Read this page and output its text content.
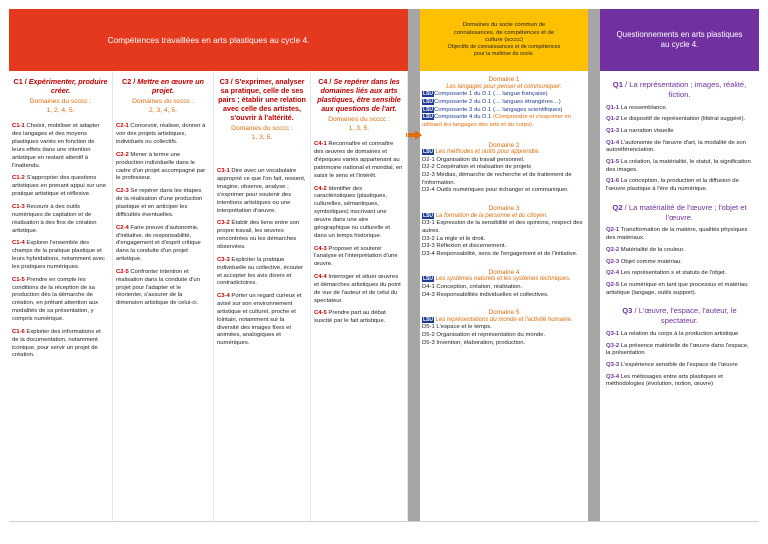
Compétences travaillées en arts plastiques au cycle 4.
Domaines du socle commun de
connaissances, de compétences et de
culture (scccc)
Objectifs de connaissances et de compétences
pour la maîtrise du socle.
Questionnements en arts plastiques au cycle 4.
C1 / Expérimenter, produire créer.
Domaines du scccc :
1, 2, 4, 5.
C1-1 Choisir, mobiliser et adapter des langages et des moyens plastiques variés en fonction de leurs effets dans une intention artistique en restant attentif à l'inattendu.
C1-2 S'approprier des questions artistiques en prenant appui sur une pratique artistique et réflexive.
C1-3 Recourir à des outils numériques de captation et de réalisation à des fins de création artistique.
C1-4 Explorer l'ensemble des champs de la pratique plastique et leurs hybridations, notamment avec les pratiques numériques.
C1-5 Prendre en compte les conditions de la réception de sa production dès la démarche de création, en prêtant attention aux modalités de sa présentation, y compris numérique.
C1-6 Exploiter des informations et de la documentation, notamment iconique, pour servir un projet de création.
C2 / Mettre en œuvre un projet.
Domaines du scccc :
2, 3, 4, 5.
C2-1 Concevoir, réaliser, donner à voir des projets artistiques, individuels ou collectifs.
C2-2 Mener à terme une production individuelle dans le cadre d'un projet accompagné par le professeur.
C2-3 Se repérer dans les étapes de la réalisation d'une production plastique et en anticiper les difficultés éventuelles.
C2-4 Faire preuve d'autonomie, d'initiative, de responsabilité, d'engagement et d'esprit critique dans la conduite d'un projet artistique.
C2-5 Confronter intention et réalisation dans la conduite d'un projet pour l'adapter et le réorienter, s'assurer de la dimension artistique de celui-ci.
C3 / S'exprimer, analyser sa pratique, celle de ses pairs ; établir une relation avec celle des artistes, s'ouvrir à l'altérité.
Domaines du scccc :
1, 3, 5.
C3-1 Dire avec un vocabulaire approprié ce que l'on fait, ressent, imagine, observe, analyse ; s'exprimer pour soutenir des intentions artistiques ou une interprétation d'œuvre.
C3-2 Établir des liens entre son propre travail, les œuvres rencontrées ou les démarches observées.
C3-3 Expliciter la pratique individuelle ou collective, écouter et accepter les avis divers et contradictoires.
C3-4 Porter un regard curieux et avisé sur son environnement artistique et culturel, proche et lointain, notamment sur la diversité des images fixes et animées, analogiques et numériques.
C4 / Se repérer dans les domaines liés aux arts plastiques, être sensible aux questions de l'art.
Domaines du scccc :
1, 3, 5.
C4-1 Reconnaître et connaître des œuvres de domaines et d'époques variés appartenant au patrimoine national et mondial, en saisir le sens et l'intérêt.
C4-2 Identifier des caractéristiques (plastiques, culturelles, sémantiques, symboliques) inscrivant une œuvre dans une aire géographique ou culturelle et dans un temps historique.
C4-3 Proposer et soutenir l'analyse et l'interprétation d'une œuvre.
C4-4 Interroger et situer œuvres et démarches artistiques du point de vue de l'auteur et de celui du spectateur.
C4-5 Prendre part au débat suscité par le fait artistique.
Domaine 1
Les langages pour penser et communiquer.
LSUComposante 1 du D.1 (… langue française)
LSUComposante 2 du D.1 (… langues étrangères…)
LSUComposante 3 du D.1 (… langages scientifiques)
LSUComposante 4 du D.1 (Comprendre et s'exprimer en utilisant les langages des arts et du corps).
Domaine 2
LSU Les méthodes et outils pour apprendre.
D2-1 Organisation du travail personnel.
D2-2 Coopération et réalisation de projets
D2-3 Médias, démarche de recherche et de traitement de l'information.
D2-4 Outils numériques pour échanger et communiquer.
Domaine 3
LSU La formation de la personne et du citoyen.
D3-1 Expression de la sensibilité et des opinions, respect des autres.
D3-2 La règle et le droit.
D3-3 Réflexion et discernement.
D3-4 Responsabilité, sens de l'engagement et de l'initiative.
Domaine 4
LSU Les systèmes naturels et les systèmes techniques.
D4-1 Conception, création, réalisation.
D4-3 Responsabilités individuelles et collectives.
Domaine 5
LSU Les représentations du monde et l'activité humaine.
D5-1 L'espace et le temps.
D5-2 Organisation et représentation du monde.
D5-3 Invention, élaboration, production.
Q1 / La représentation ; images, réalité, fiction.
Q1-1 La ressemblance.
Q1-2 Le dispositif de représentation (littéral suggéré).
Q1-3 La narration visuelle
Q1-4 L'autonomie de l'œuvre d'art, la modalité de son autoréférenciation.
Q1-5 La création, la matérialité, le statut, la signification des images.
Q1-6 La conception, la production et la diffusion de l'œuvre plastique à l'ère du numérique.
Q2 / La matérialité de l'œuvre ; l'objet et l'œuvre.
Q2-1 Transformation de la matière, qualités physiques des matériaux.
Q2-2 Matérialité de la couleur.
Q2-3 Objet comme matériau.
Q2-4 Les représentation s et statuts de l'objet.
Q2-5 Le numérique en tant que processus et matériau artistique (langage, outils support).
Q3 / L'œuvre, l'espace, l'auteur, le spectateur.
Q3-1 La relation du corps à la production artistique
Q3-2 La présence matérielle de l'œuvre dans l'espace, la présentation
Q3-3 L'expérience sensible de l'espace de l'œuvre
Q3-4 Les métissages entre arts plastiques et méthodologies (évolution, notion, œuvre)
